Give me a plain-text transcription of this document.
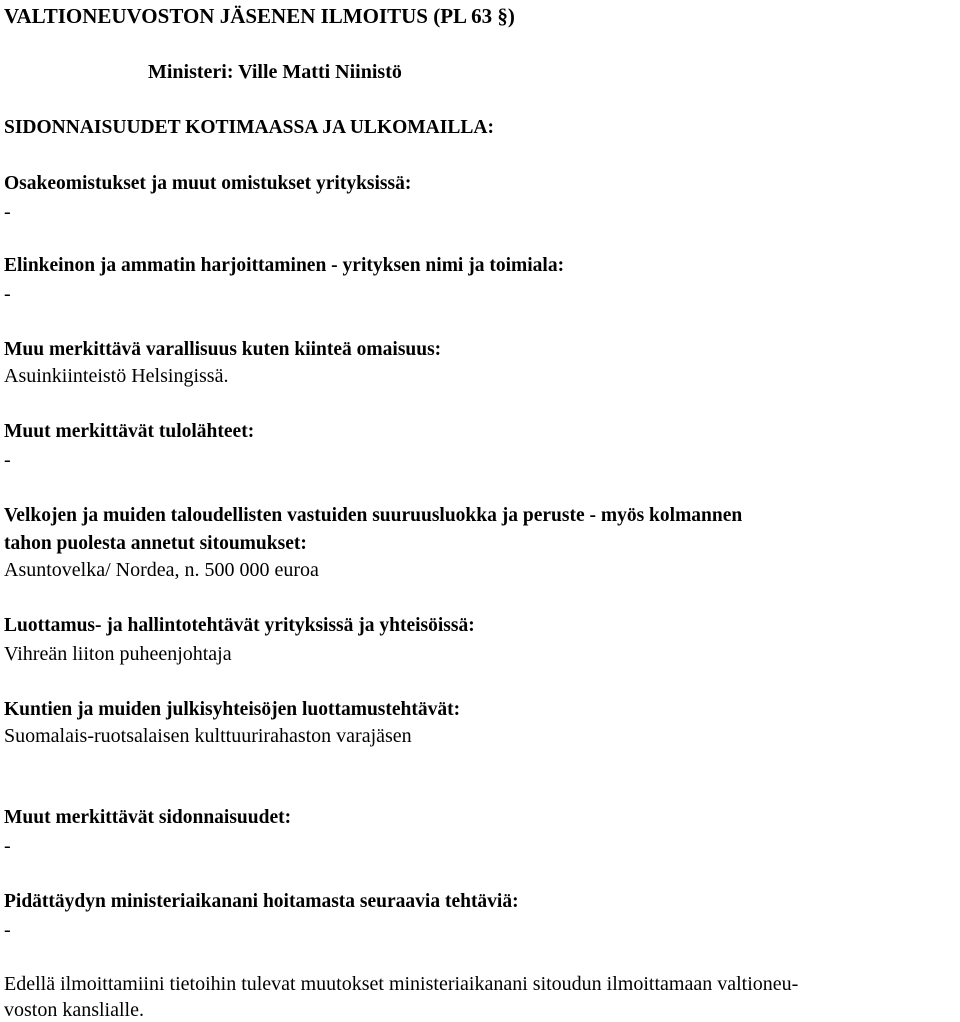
VALTIONEUVOSTON JÄSENEN ILMOITUS (PL 63 §)
Ministeri: Ville Matti Niinistö
SIDONNAISUUDET KOTIMAASSA JA ULKOMAILLA:
Osakeomistukset ja muut omistukset yrityksissä:
-
Elinkeinon ja ammatin harjoittaminen - yrityksen nimi ja toimiala:
-
Muu merkittävä varallisuus kuten kiinteä omaisuus:
Asuinkiinteistö Helsingissä.
Muut merkittävät tulolähteet:
-
Velkojen ja muiden taloudellisten vastuiden suuruusluokka ja peruste - myös kolmannen
tahon puolesta annetut sitoumukset:
Asuntovelka/ Nordea, n. 500 000 euroa
Luottamus- ja hallintotehtävät yrityksissä ja yhteisöissä:
Vihreän liiton puheenjohtaja
Kuntien ja muiden julkisyhteisöjen luottamustehtävät:
Suomalais-ruotsalaisen kulttuurirahaston varajäsen
Muut merkittävät sidonnaisuudet:
-
Pidättäydyn ministeriaikanani hoitamasta seuraavia tehtäviä:
-
Edellä ilmoittamiini tietoihin tulevat muutokset ministeriaikanani sitoudun ilmoittamaan valtioneu-
voston kanslialle.
